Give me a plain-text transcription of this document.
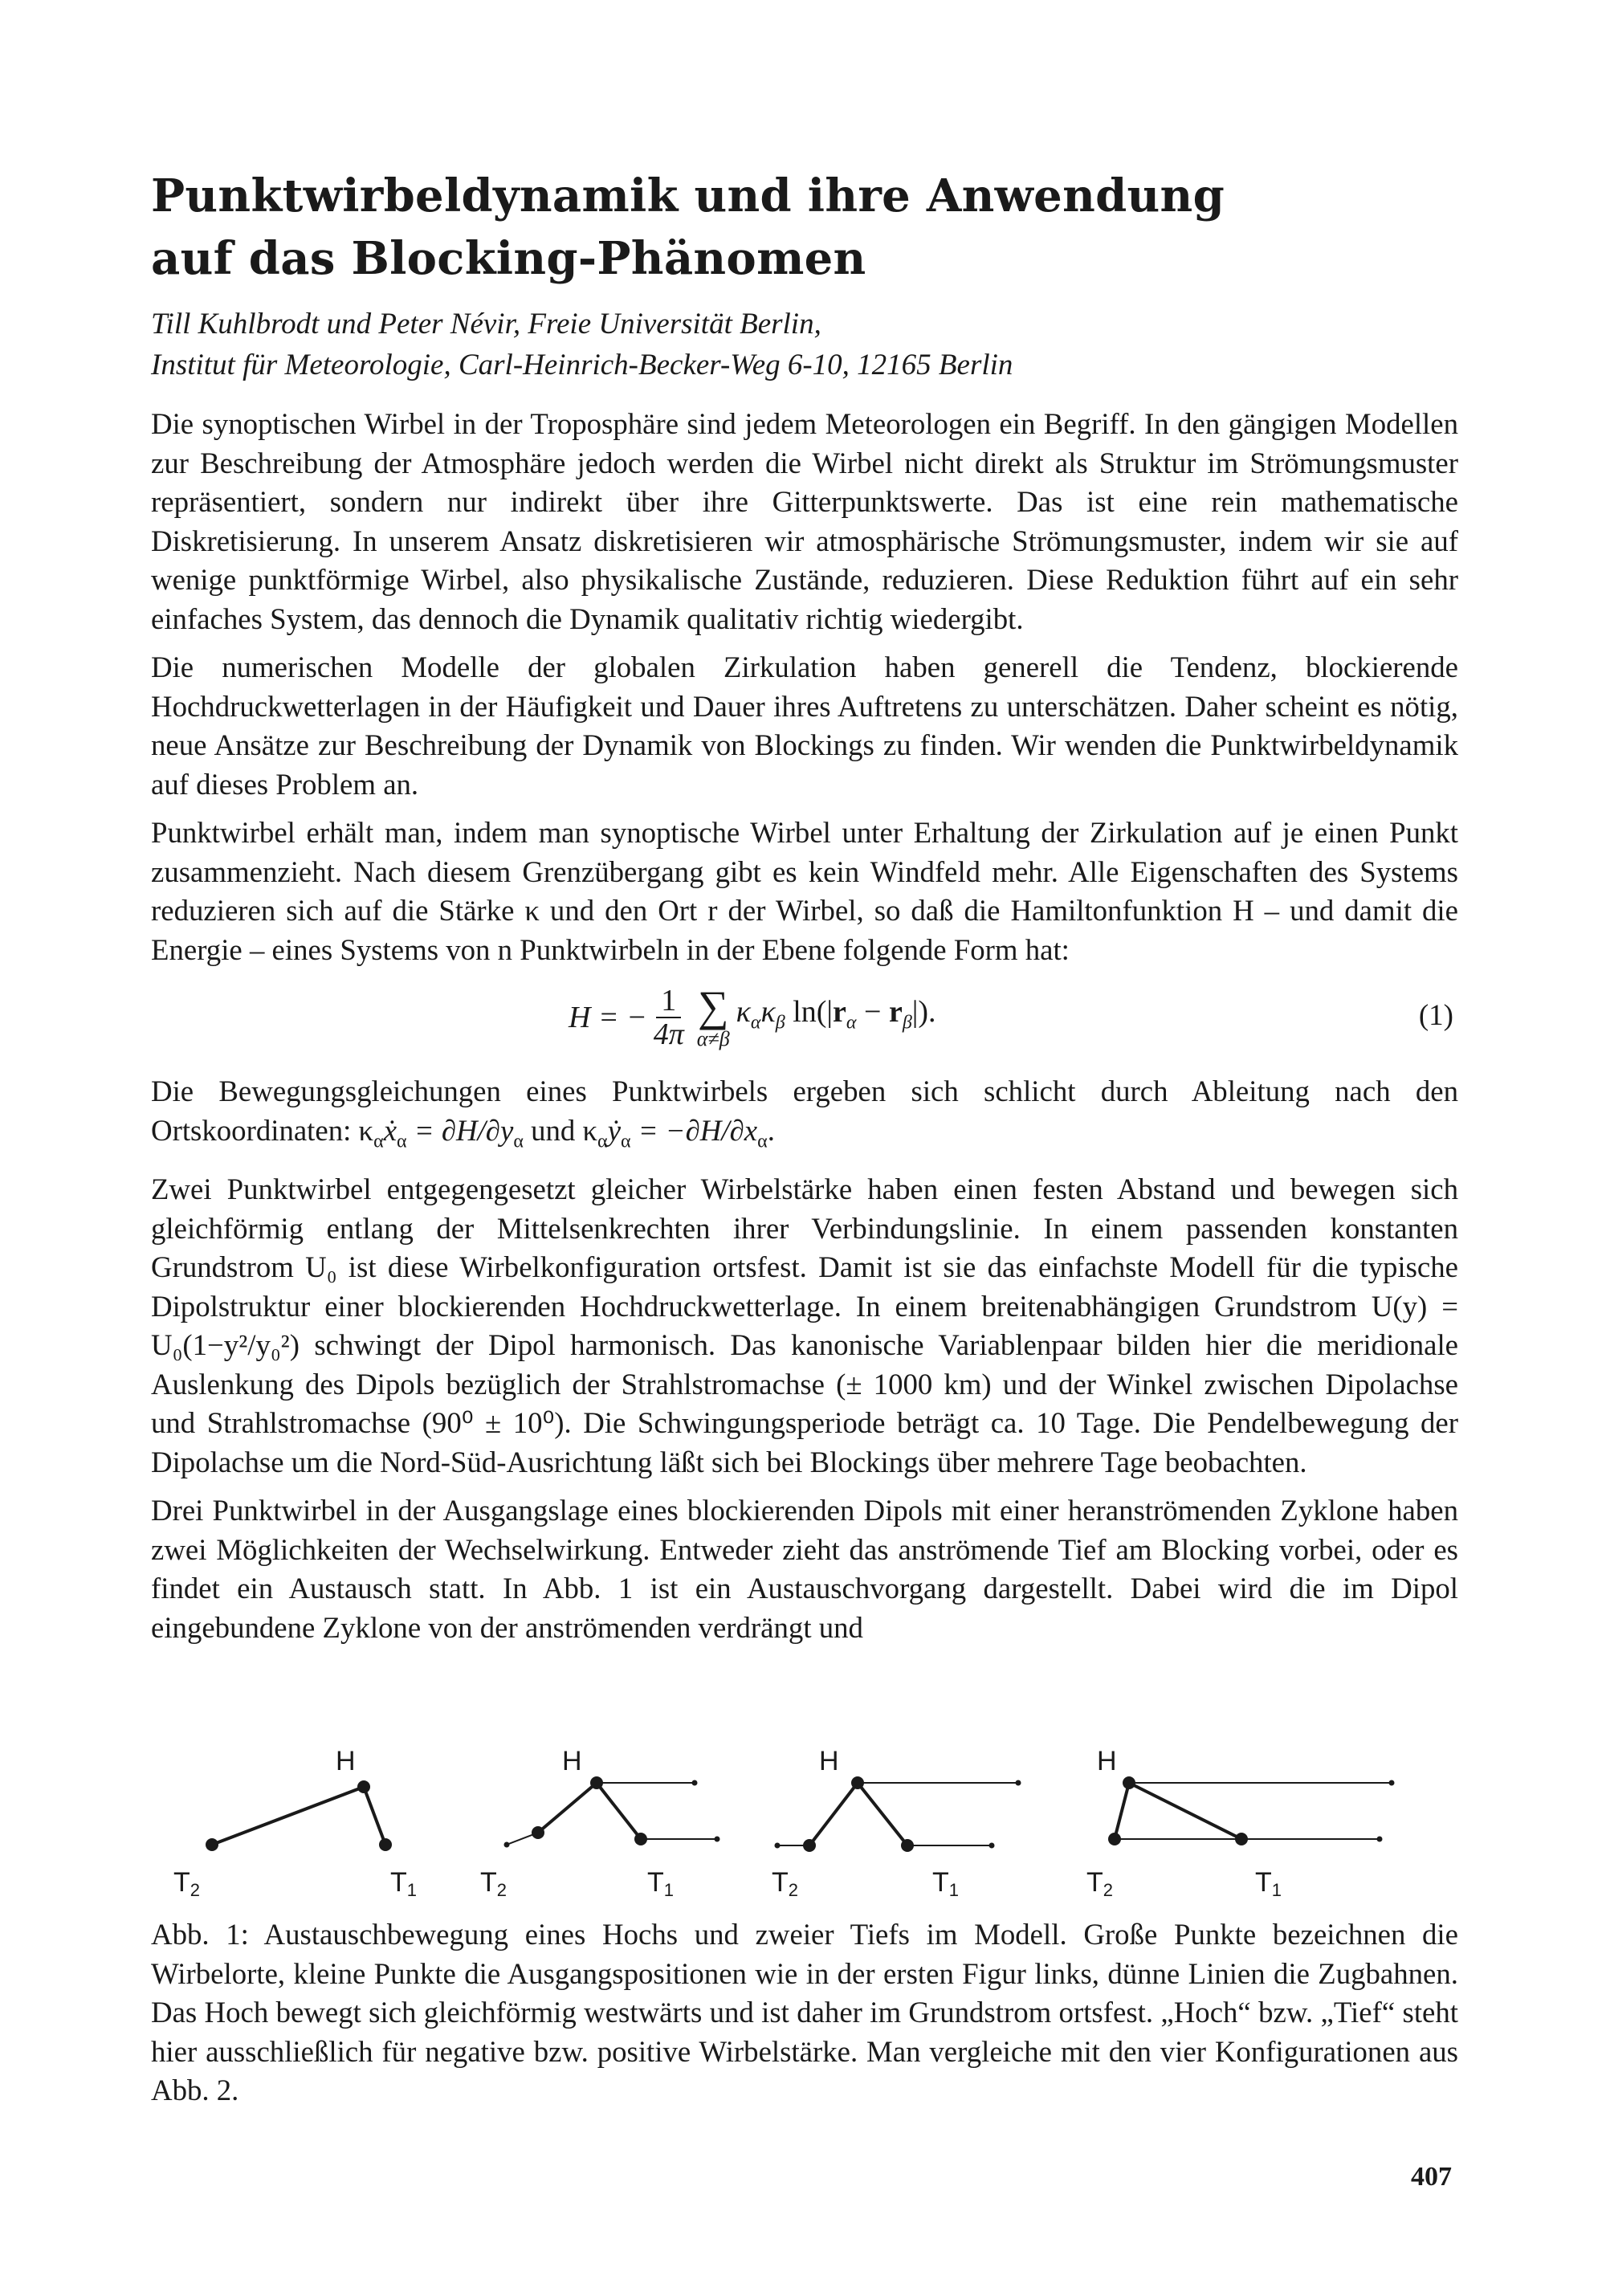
Punktwirbeldynamik und ihre Anwendung
auf das Blocking-Phänomen
Till Kuhlbrodt und Peter Névir, Freie Universität Berlin,
Institut für Meteorologie, Carl-Heinrich-Becker-Weg 6-10, 12165 Berlin

Die synoptischen Wirbel in der Troposphäre sind jedem Meteorologen ein Begriff. In den gängigen Modellen zur Beschreibung der Atmosphäre jedoch werden die Wirbel nicht direkt als Struktur im Strömungsmuster repräsentiert, sondern nur indirekt über ihre Gitterpunktswerte. Das ist eine rein mathematische Diskretisierung. In unserem Ansatz diskretisieren wir atmosphärische Strömungsmuster, indem wir sie auf wenige punktförmige Wirbel, also physikalische Zustände, reduzieren. Diese Reduktion führt auf ein sehr einfaches System, das dennoch die Dynamik qualitativ richtig wiedergibt.

Die numerischen Modelle der globalen Zirkulation haben generell die Tendenz, blockierende Hochdruckwetterlagen in der Häufigkeit und Dauer ihres Auftretens zu unterschätzen. Daher scheint es nötig, neue Ansätze zur Beschreibung der Dynamik von Blockings zu finden. Wir wenden die Punktwirbeldynamik auf dieses Problem an.

Punktwirbel erhält man, indem man synoptische Wirbel unter Erhaltung der Zirkulation auf je einen Punkt zusammenzieht. Nach diesem Grenzübergang gibt es kein Windfeld mehr. Alle Eigenschaften des Systems reduzieren sich auf die Stärke κ und den Ort r der Wirbel, so daß die Hamiltonfunktion H – und damit die Energie – eines Systems von n Punktwirbeln in der Ebene folgende Form hat:

H = − $\frac{1}{4\pi}$ ∑
α≠β
$\kappa_\alpha\kappa_\beta$ $\ln(|r_\alpha - r_\beta|)$.	(1)

Die Bewegungsgleichungen eines Punktwirbels ergeben sich schlicht durch Ableitung nach den Ortskoordinaten: $\kappa_\alpha ẋ_\alpha = \partial H/\partial y_\alpha$ und $\kappa_\alpha ẏ_\alpha = -\partial H/\partial x_\alpha$.

Zwei Punktwirbel entgegengesetzt gleicher Wirbelstärke haben einen festen Abstand und bewegen sich gleichförmig entlang der Mittelsenkrechten ihrer Verbindungslinie. In einem passenden konstanten Grundstrom U₀ ist diese Wirbelkonfiguration ortsfest. Damit ist sie das einfachste Modell für die typische Dipolstruktur einer blockierenden Hochdruckwetterlage. In einem breitenabhängigen Grundstrom U(y) = U₀(1−y²/y₀²) schwingt der Dipol harmonisch. Das kanonische Variablenpaar bilden hier die meridionale Auslenkung des Dipols bezüglich der Strahlstromachse (± 1000 km) und der Winkel zwischen Dipolachse und Strahlstromachse (90⁰ ± 10⁰). Die Schwingungsperiode beträgt ca. 10 Tage. Die Pendelbewegung der Dipolachse um die Nord-Süd-Ausrichtung läßt sich bei Blockings über mehrere Tage beobachten.

Drei Punktwirbel in der Ausgangslage eines blockierenden Dipols mit einer heranströmenden Zyklone haben zwei Möglichkeiten der Wechselwirkung. Entweder zieht das anströmende Tief am Blocking vorbei, oder es findet ein Austausch statt. In Abb. 1 ist ein Austauschvorgang dargestellt. Dabei wird die im Dipol eingebundene Zyklone von der anströmenden verdrängt und

H
T2	T1
H
T2	T1
H
T2	T1
H
T2	T1
Abb. 1: Austauschbewegung eines Hochs und zweier Tiefs im Modell. Große Punkte bezeichnen die Wirbelorte, kleine Punkte die Ausgangspositionen wie in der ersten Figur links, dünne Linien die Zugbahnen. Das Hoch bewegt sich gleichförmig westwärts und ist daher im Grundstrom ortsfest. „Hoch“ bzw. „Tief“ steht hier ausschließlich für negative bzw. positive Wirbelstärke. Man vergleiche mit den vier Konfigurationen aus Abb. 2.
407
